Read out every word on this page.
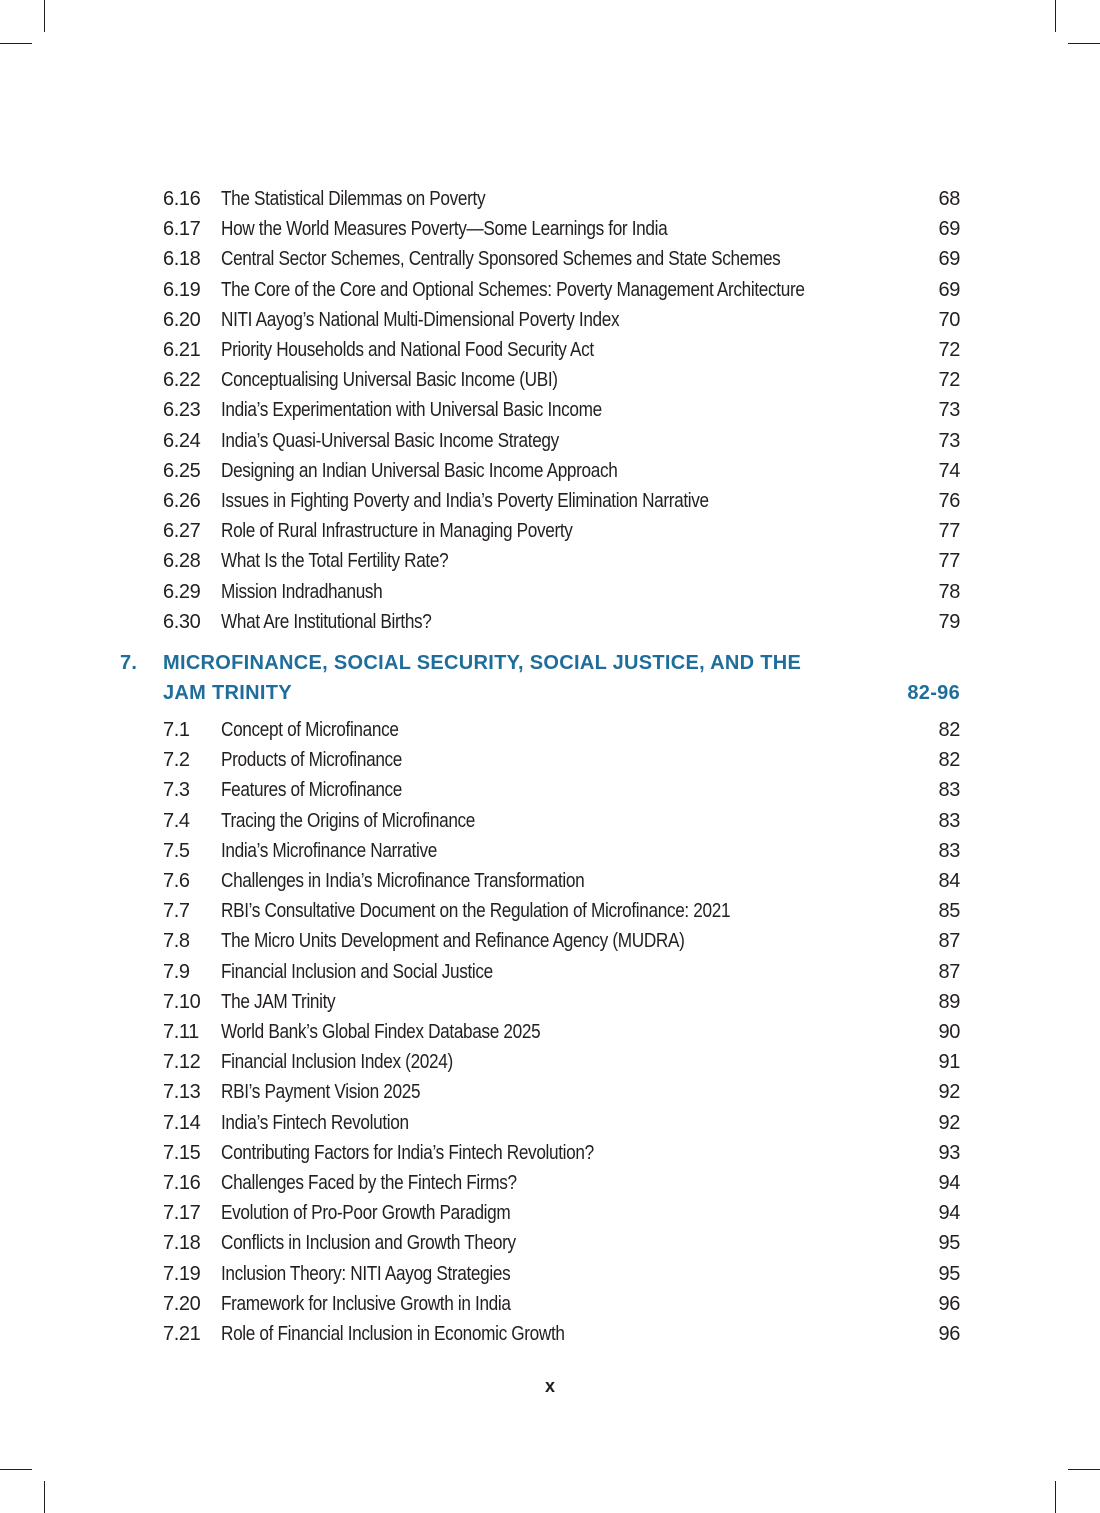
6.16 The Statistical Dilemmas on Poverty	68
6.17 How the World Measures Poverty—Some Learnings for India	69
6.18 Central Sector Schemes, Centrally Sponsored Schemes and State Schemes	69
6.19 The Core of the Core and Optional Schemes: Poverty Management Architecture	69
6.20 NITI Aayog’s National Multi-Dimensional Poverty Index	70
6.21 Priority Households and National Food Security Act	72
6.22 Conceptualising Universal Basic Income (UBI)	72
6.23 India’s Experimentation with Universal Basic Income	73
6.24 India’s Quasi-Universal Basic Income Strategy	73
6.25 Designing an Indian Universal Basic Income Approach	74
6.26 Issues in Fighting Poverty and India’s Poverty Elimination Narrative	76
6.27 Role of Rural Infrastructure in Managing Poverty	77
6.28 What Is the Total Fertility Rate?	77
6.29 Mission Indradhanush	78
6.30 What Are Institutional Births?	79
7. MICROFINANCE, SOCIAL SECURITY, SOCIAL JUSTICE, AND THE
JAM TRINITY	82-96
7.1 Concept of Microfinance	82
7.2 Products of Microfinance	82
7.3 Features of Microfinance	83
7.4 Tracing the Origins of Microfinance	83
7.5 India’s Microfinance Narrative	83
7.6 Challenges in India’s Microfinance Transformation	84
7.7 RBI’s Consultative Document on the Regulation of Microfinance: 2021	85
7.8 The Micro Units Development and Refinance Agency (MUDRA)	87
7.9 Financial Inclusion and Social Justice	87
7.10 The JAM Trinity	89
7.11 World Bank’s Global Findex Database 2025	90
7.12 Financial Inclusion Index (2024)	91
7.13 RBI’s Payment Vision 2025	92
7.14 India’s Fintech Revolution	92
7.15 Contributing Factors for India’s Fintech Revolution?	93
7.16 Challenges Faced by the Fintech Firms?	94
7.17 Evolution of Pro-Poor Growth Paradigm	94
7.18 Conflicts in Inclusion and Growth Theory	95
7.19 Inclusion Theory: NITI Aayog Strategies	95
7.20 Framework for Inclusive Growth in India	96
7.21 Role of Financial Inclusion in Economic Growth	96
x
